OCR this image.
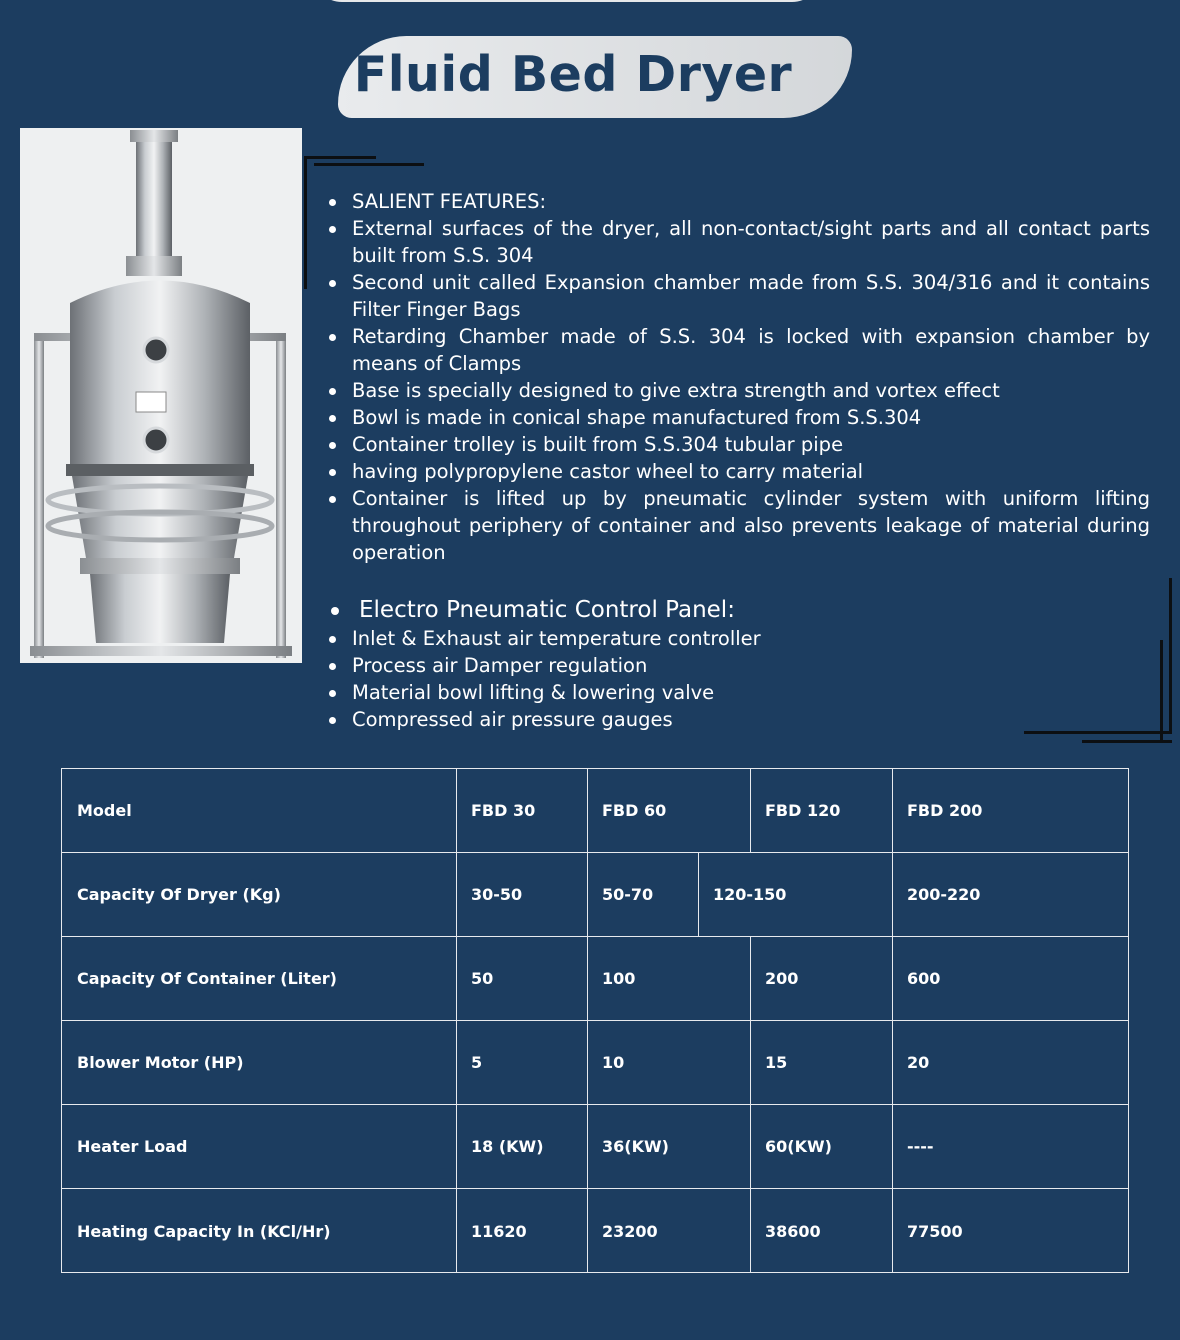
Fluid Bed Dryer
SALIENT FEATURES:
External surfaces of the dryer, all non-contact/sight parts and all contact parts built from S.S. 304
Second unit called Expansion chamber made from S.S. 304/316 and it contains Filter Finger Bags
Retarding Chamber made of S.S. 304 is locked with expansion chamber by means of Clamps
Base is specially designed to give extra strength and vortex effect
Bowl is made in conical shape manufactured from S.S.304
Container trolley is built from S.S.304 tubular pipe
having polypropylene castor wheel to carry material
Container is lifted up by pneumatic cylinder system with uniform lifting throughout periphery of container and also prevents leakage of material during operation
Electro Pneumatic Control Panel:
Inlet & Exhaust air temperature controller
Process air Damper regulation
Material bowl lifting & lowering valve
Compressed air pressure gauges
Model	FBD 30	FBD 60	FBD 120	FBD 200
Capacity Of Dryer (Kg)	30-50	50-70	120-150	200-220
Capacity Of Container (Liter)	50	100	200	600
Blower Motor (HP)	5	10	15	20
Heater Load	18 (KW)	36(KW)	60(KW)	----
Heating Capacity In (KCl/Hr)	11620	23200	38600	77500
